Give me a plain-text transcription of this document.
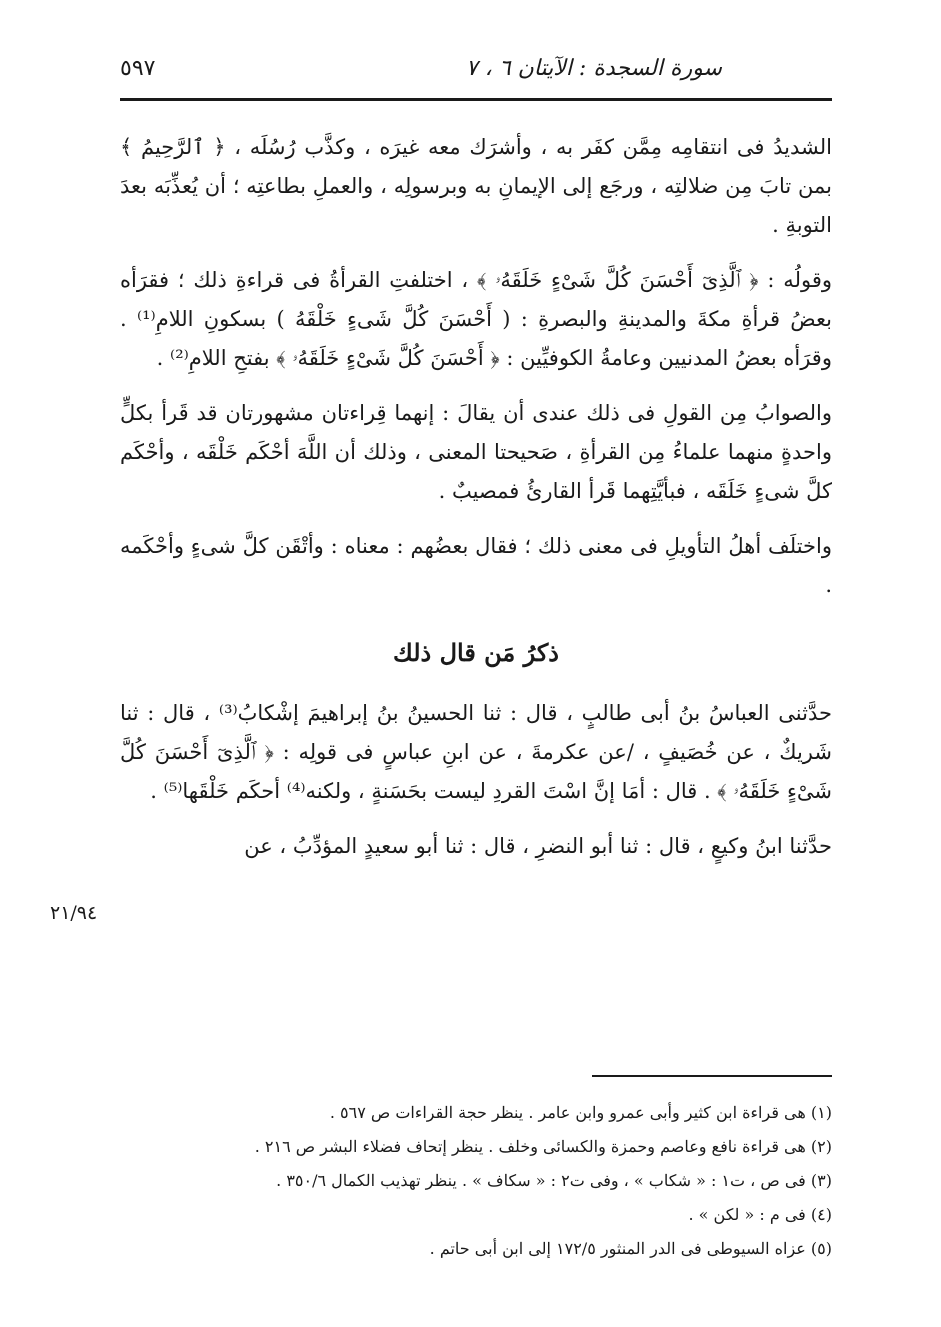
سورة السجدة : الآيتان ٦ ، ٧
٥٩٧

الشديدُ فى انتقامِه مِمَّن كفَر به ، وأشرَك معه غيرَه ، وكذَّب رُسُلَه ، ﴿ ٱلرَّحِيمُ ﴾ بمن تابَ مِن ضلالتِه ، ورجَع إلى الإيمانِ به وبرسولِه ، والعملِ بطاعتِه ؛ أن يُعذِّبَه بعدَ التوبةِ .

وقولُه : ﴿ ٱلَّذِىٓ أَحْسَنَ كُلَّ شَىْءٍ خَلَقَهُۥ ﴾ ، اختلفتِ القرأةُ فى قراءةِ ذلك ؛ فقرَأه بعضُ قرأةِ مكةَ والمدينةِ والبصرةِ : ( أَحْسَنَ كُلَّ شَىءٍ خَلْقَهُ ) بسكونِ اللامِ⁽¹⁾ . وقرَأه بعضُ المدنيين وعامةُ الكوفيِّين : ﴿ أَحْسَنَ كُلَّ شَىْءٍ خَلَقَهُۥ ﴾ بفتحِ اللامِ⁽²⁾ .

والصوابُ مِن القولِ فى ذلك عندى أن يقالَ : إنهما قِراءتان مشهورتان قد قَرأ بكلٍّ واحدةٍ منهما علماءُ مِن القرأةِ ، صَحيحتا المعنى ، وذلك أن اللَّهَ أحْكَم خَلْقَه ، وأحْكَم كلَّ شىءٍ خَلَقَه ، فبأيَّتِهما قَرأ القارئُ فمصيبٌ .

واختلَف أهلُ التأويلِ فى معنى ذلك ؛ فقال بعضُهم : معناه : وأتْقَن كلَّ شىءٍ وأحْكَمه .

ذكرُ مَن قال ذلك

حدَّثنى العباسُ بنُ أبى طالبٍ ، قال : ثنا الحسينُ بنُ إبراهيمَ إشْكابُ⁽³⁾ ، قال : ثنا شَريكٌ ، عن خُصَيفٍ ، /عن عكرمةَ ، عن ابنِ عباسٍ فى قولِه : ﴿ ٱلَّذِىٓ أَحْسَنَ كُلَّ شَىْءٍ خَلَقَهُۥ ﴾ . قال : أمَا إنَّ اسْتَ القردِ ليست بحَسَنةٍ ، ولكنه⁽⁴⁾ أحكَم خَلْقَها⁽⁵⁾ .

حدَّثنا ابنُ وكيعٍ ، قال : ثنا أبو النضرِ ، قال : ثنا أبو سعيدٍ المؤدِّبُ ، عن

٢١/٩٤
(١) هى قراءة ابن كثير وأبى عمرو وابن عامر . ينظر حجة القراءات ص ٥٦٧ .
(٢) هى قراءة نافع وعاصم وحمزة والكسائى وخلف . ينظر إتحاف فضلاء البشر ص ٢١٦ .
(٣) فى ص ، ت١ : « شكاب » ، وفى ت٢ : « سكاف » . ينظر تهذيب الكمال ٣٥٠/٦ .
(٤) فى م : « لكن » .
(٥) عزاه السيوطى فى الدر المنثور ١٧٢/٥ إلى ابن أبى حاتم .
